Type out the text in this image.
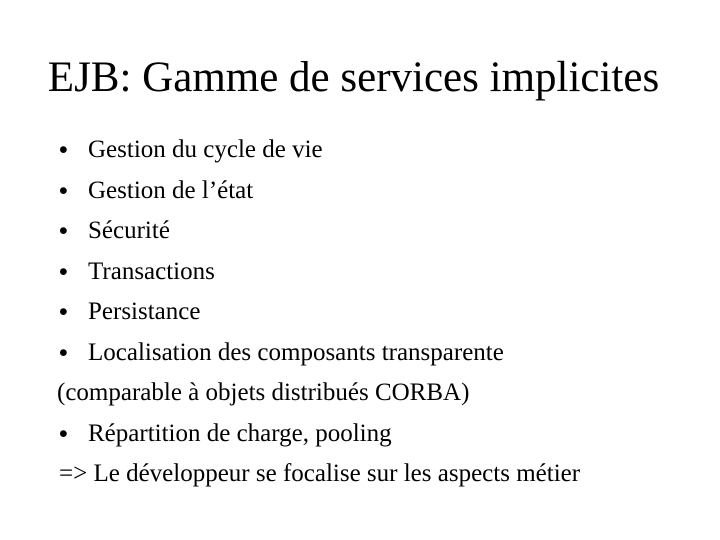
EJB: Gamme de services implicites
• Gestion du cycle de vie
• Gestion de l’état
• Sécurité
• Transactions
• Persistance
• Localisation des composants transparente
(comparable à objets distribués CORBA)
• Répartition de charge, pooling
=> Le développeur se focalise sur les aspects métier
